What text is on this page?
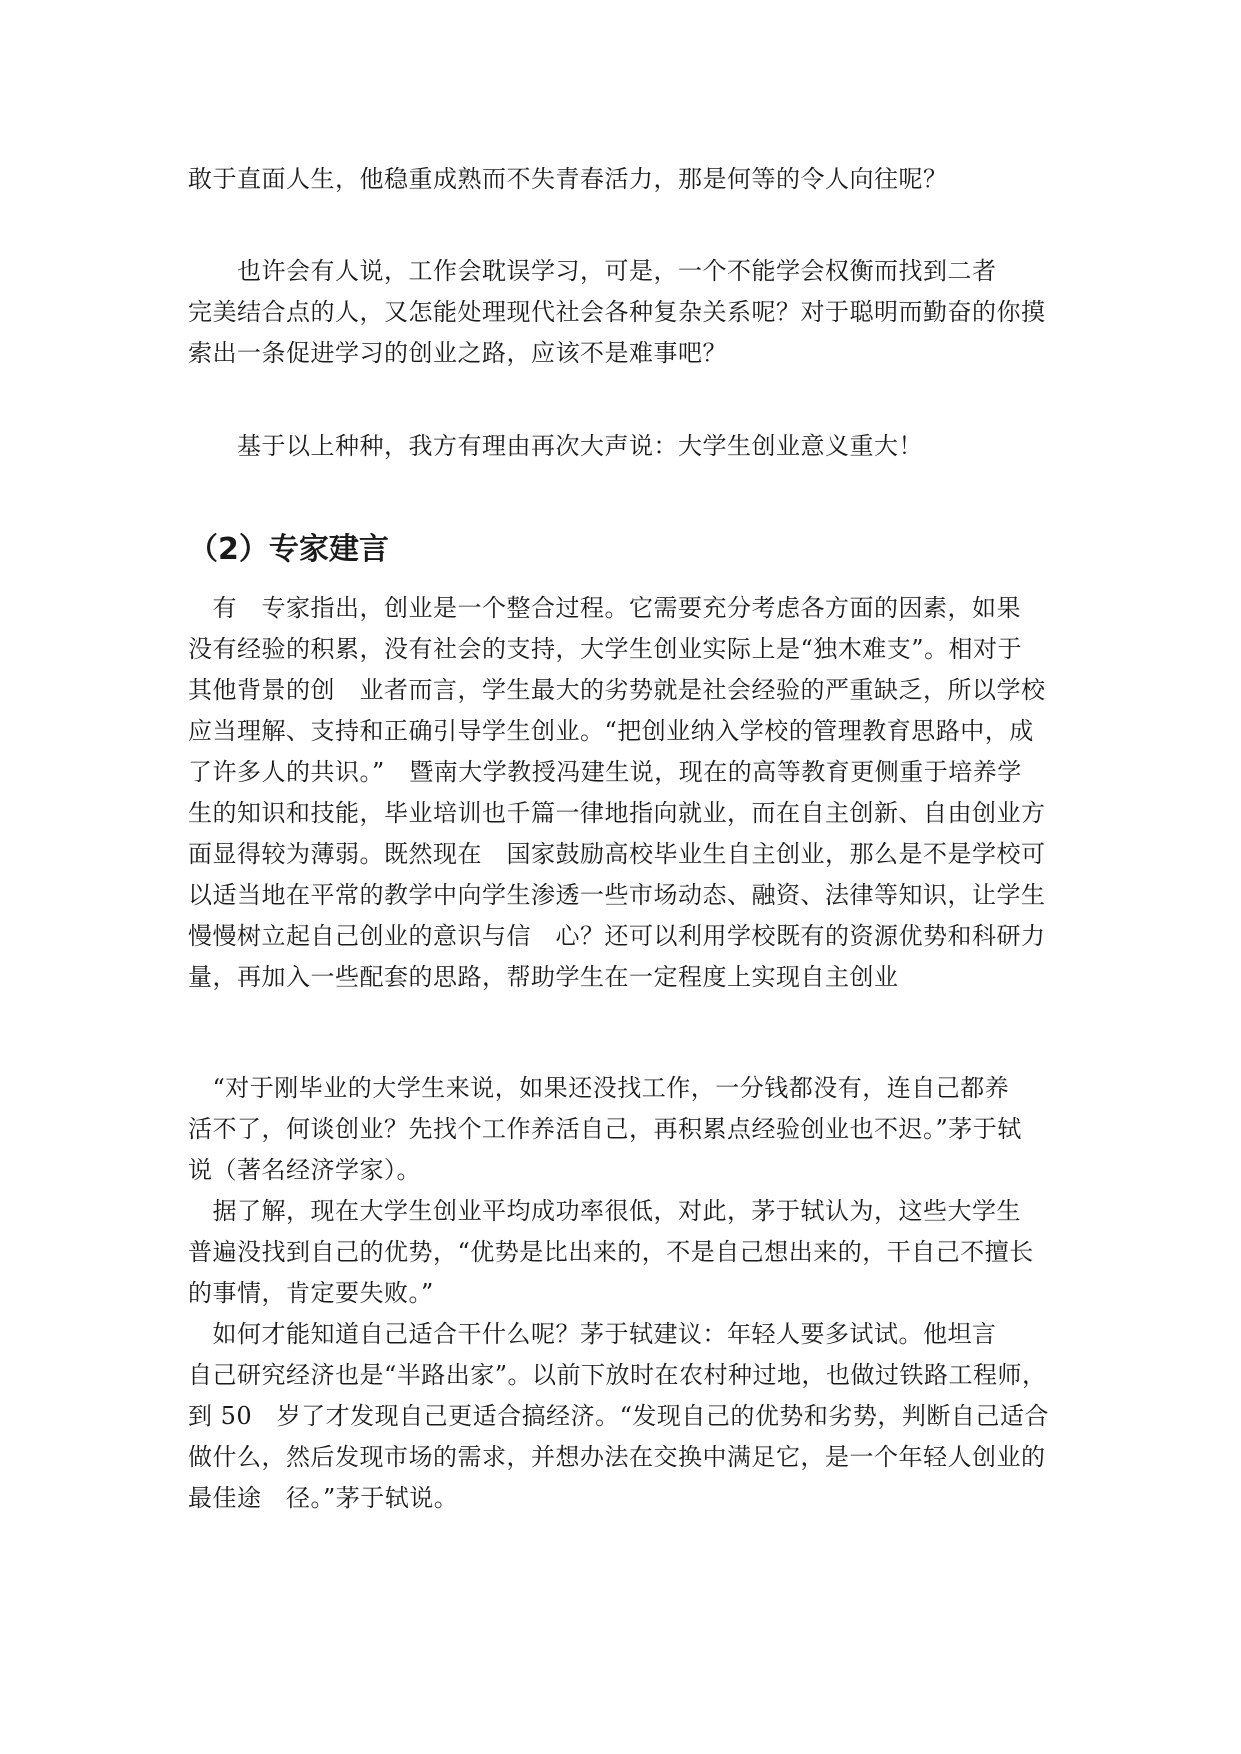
敢于直面人生，他稳重成熟而不失青春活力，那是何等的令人向往呢？
　　也许会有人说，工作会耽误学习，可是，一个不能学会权衡而找到二者
完美结合点的人，又怎能处理现代社会各种复杂关系呢？对于聪明而勤奋的你摸
索出一条促进学习的创业之路，应该不是难事吧？
　　基于以上种种，我方有理由再次大声说：大学生创业意义重大！
（2）专家建言
　有　专家指出，创业是一个整合过程。它需要充分考虑各方面的因素，如果
没有经验的积累，没有社会的支持，大学生创业实际上是“独木难支”。相对于
其他背景的创　业者而言，学生最大的劣势就是社会经验的严重缺乏，所以学校
应当理解、支持和正确引导学生创业。“把创业纳入学校的管理教育思路中，成
了许多人的共识。”　暨南大学教授冯建生说，现在的高等教育更侧重于培养学
生的知识和技能，毕业培训也千篇一律地指向就业，而在自主创新、自由创业方
面显得较为薄弱。既然现在　国家鼓励高校毕业生自主创业，那么是不是学校可
以适当地在平常的教学中向学生渗透一些市场动态、融资、法律等知识，让学生
慢慢树立起自己创业的意识与信　心？还可以利用学校既有的资源优势和科研力
量，再加入一些配套的思路，帮助学生在一定程度上实现自主创业
　“对于刚毕业的大学生来说，如果还没找工作，一分钱都没有，连自己都养
活不了，何谈创业？先找个工作养活自己，再积累点经验创业也不迟。”茅于轼
说（著名经济学家）。
　据了解，现在大学生创业平均成功率很低，对此，茅于轼认为，这些大学生
普遍没找到自己的优势，“优势是比出来的，不是自己想出来的，干自己不擅长
的事情，肯定要失败。”
　如何才能知道自己适合干什么呢？茅于轼建议：年轻人要多试试。他坦言
自己研究经济也是“半路出家”。以前下放时在农村种过地，也做过铁路工程师，
到 50　岁了才发现自己更适合搞经济。“发现自己的优势和劣势，判断自己适合
做什么，然后发现市场的需求，并想办法在交换中满足它，是一个年轻人创业的
最佳途　径。”茅于轼说。
